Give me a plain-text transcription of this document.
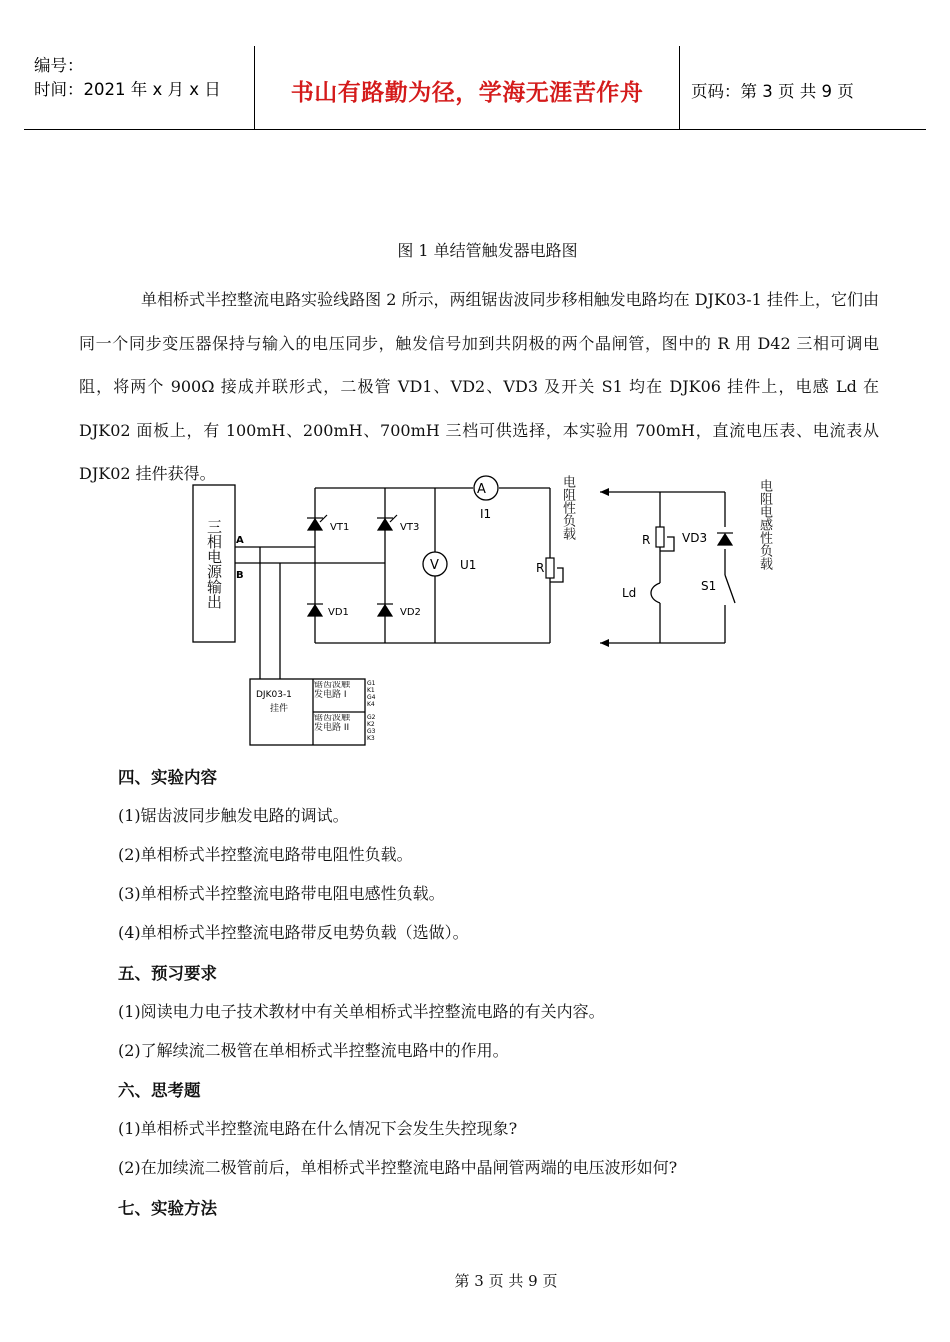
编号：
时间：2021 年 x 月 x 日	书山有路勤为径，学海无涯苦作舟	页码：第 3 页 共 9 页
图 1 单结管触发器电路图
单相桥式半控整流电路实验线路图 2 所示，两组锯齿波同步移相触发电路均在 DJK03-1 挂件上，它们由同一个同步变压器保持与输入的电压同步，触发信号加到共阴极的两个晶闸管，图中的 R 用 D42 三相可调电阻，将两个 900Ω 接成并联形式，二极管 VD1、VD2、VD3 及开关 S1 均在 DJK06 挂件上，电感 Ld 在 DJK02 面板上，有 100mH、200mH、700mH 三档可供选择，本实验用 700mH，直流电压表、电流表从 DJK02 挂件获得。
A
B
VT1	VT3
VD1	VD2
I1
U1	R
R	VD3
Ld	S1
DJK03-1
挂件
G1
K1
G4
K4
G2
K2
G3
K3
A
V
三相电源输出
电阻性负载	电阻电感性负载
锯齿波触发电路 I
锯齿波触发电路 II
四、实验内容
(1)锯齿波同步触发电路的调试。
(2)单相桥式半控整流电路带电阻性负载。
(3)单相桥式半控整流电路带电阻电感性负载。
(4)单相桥式半控整流电路带反电势负载（选做）。
五、预习要求
(1)阅读电力电子技术教材中有关单相桥式半控整流电路的有关内容。
(2)了解续流二极管在单相桥式半控整流电路中的作用。
六、思考题
(1)单相桥式半控整流电路在什么情况下会发生失控现象?
(2)在加续流二极管前后，单相桥式半控整流电路中晶闸管两端的电压波形如何?
七、实验方法
第 3 页 共 9 页
